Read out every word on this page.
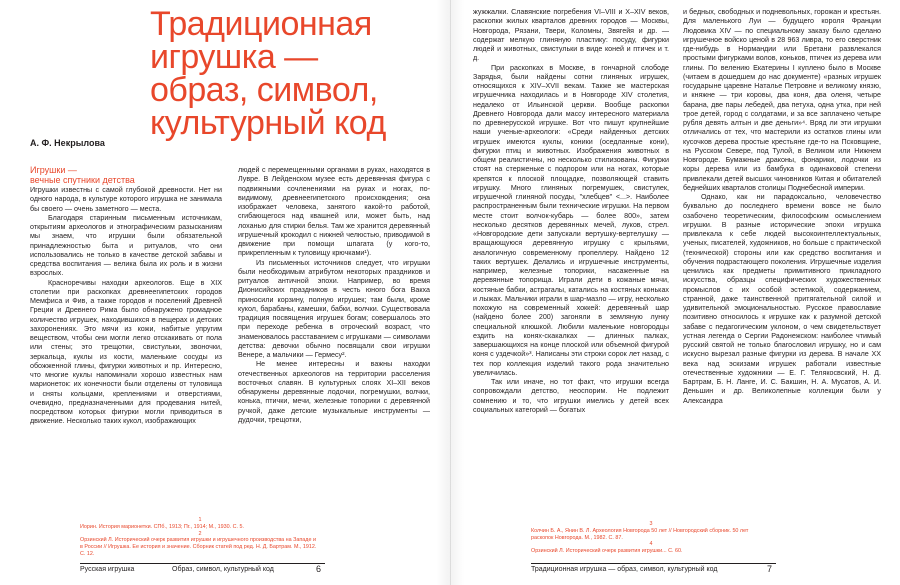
Традиционная
игрушка —
образ, символ,
культурный код
А. Ф. Некрылова
Игрушки —
вечные спутники детства

Игрушки известны с самой глубокой древности. Нет ни одного народа, в культуре которого игрушка не занимала бы своего — очень заметного — места.

Благодаря старинным письменным источникам, открытиям археологов и этнографическим разысканиям мы знаем, что игрушки были обязательной принадлежностью быта и ритуалов, что они использовались не только в качестве детской забавы и средства воспитания — велика была их роль и в жизни взрослых.

Красноречивы находки археологов. Еще в XIX столетии при раскопках древнеегипетских городов Мемфиса и Фив, а также городов и поселений Древней Греции и Древнего Рима было обнаружено громадное количество игрушек, находившихся в пещерах и детских захоронениях. Это мячи из кожи, набитые упругим веществом, чтобы они могли легко отскакивать от пола или стены; это трещотки, свистульки, звоночки, зеркальца, куклы из кости, маленькие сосуды из обожженной глины, фигурки животных и пр. Интересно, что многие куклы напоминали хорошо известных нам марионеток: их конечности были отделены от туловища и сняты кольцами, креплениями и отверстиями, очевидно, предназначенными для продевания нитей, посредством которых фигурки могли приводиться в движение. Несколько таких кукол, изображающих

людей с перемещенными органами в руках, находятся в Лувре. В Лейденском музее есть деревянная фигура с подвижными сочленениями на руках и ногах, по-видимому, древнеегипетского происхождения; она изображает человека, занятого какой-то работой, сгибающегося над квашней или, может быть, над лоханью для стирки белья. Там же хранится деревянный игрушечный крокодил с нижней челюстью, приводимой в движение при помощи шпагата (у кого-то, прикрепленным к туловищу крючками¹).

Из письменных источников следует, что игрушки были необходимым атрибутом некоторых праздников и ритуалов античной эпохи. Например, во время Дионисийских праздников в честь юного бога Вакха приносили корзину, полную игрушек; там были, кроме кукол, барабаны, камешки, бабки, волчки. Существовала традиция посвящения игрушек богам; совершалось это при переходе ребенка в отроческий возраст, что знаменовалось расставанием с игрушками — символами детства: девочки обычно посвящали свои игрушки Венере, а мальчики — Гермесу².

Не менее интересны и важны находки отечественных археологов на территории расселения восточных славян. В культурных слоях XI–XII веков обнаружены деревянные лодочки, погремушки, волчки, конька, птички, мечи, железные топорики с деревянной ручкой, даже детские музыкальные инструменты — дудочки, трещотки,

1
Иорин. История марионетки. СПб., 1913; Пг., 1914; М., 1930. С. 5.
2
Орзинский Л. Исторический очерк развития игрушки и игрушечного производства на Западе и в России // Игрушка. Ее история и значение. Сборник статей под ред. Н. Д. Бартрам. М., 1912. С. 12.
Русская игрушка	Образ, символ, культурный код	6

жужжалки. Славянские погребения VI–VIII и X–XIV веков, раскопки жилых кварталов древних городов — Москвы, Новгорода, Рязани, Твери, Коломны, Звягейя и др. — содержат мелкую глиняную пластику: посуду, фигурки людей и животных, свистульки в виде коней и птичек и т. д.

При раскопках в Москве, в гончарной слободе Зарядья, были найдены сотни глиняных игрушек, относящихся к XIV–XVII векам. Также же мастерская игрушечника находилась и в Новгороде XIV столетия, недалеко от Ильинской церкви. Вообще раскопки Древнего Новгорода дали массу интересного материала по древнерусской игрушке. Вот что пишут крупнейшие наши ученые-археологи: «Среди найденных детских игрушек имеются куклы, коники (оседланные кони), фигурки птиц и животных. Изображения животных в общем реалистичны, но несколько стилизованы. Фигурки стоят на стерженьке с подпором или на ногах, которые крепятся к плоской площадке, позволяющей ставить игрушку. Много глиняных погремушек, свистулек, игрушечной глиняной посуды, "хлебцев" <...>. Наиболее распространенным были технические игрушки. На первом месте стоит волчок-кубарь — более 800», затем несколько десятков деревянных мечей, луков, стрел. «Новгородские дети запускали вертушку-вертелушку — вращающуюся деревянную игрушку с крыльями, аналогичную современному пропеллеру. Найдено 12 таких вертушек. Делались и игрушечные инструменты, например, железные топорики, насаженные на деревянные топорища. Играли дети в кожаные мячи, костяные бабки, астрагалы, катались на костяных коньках и лыжах. Мальчики играли в шар-мазло — игру, несколько похожую на современный хоккей: деревянный шар (найдено более 200) загоняли в земляную лунку специальной клюшкой. Любили маленькие новгородцы ездить на конях-скакалках — длинных палках, завершающихся на конце плоской или объемной фигурой коня с уздечкой»³. Написаны эти строки сорок лет назад, с тех пор коллекция изделий такого рода значительно увеличилась.

Так или иначе, но тот факт, что игрушки всегда сопровождали детство, неоспорим. Не подлежит сомнению и то, что игрушки имелись у детей всех социальных категорий — богатых

и бедных, свободных и подневольных, горожан и крестьян. Для маленького Луи — будущего короля Франции Людовика XIV — по специальному заказу было сделано игрушечное войско ценой в 28 963 ливра, то его сверстник где-нибудь в Нормандии или Бретани развлекался простыми фигурками волов, коньков, птичек из дерева или глины. По велению Екатерины I куплено было в Москве (читаем в дошедшем до нас документе) «разных игрушек государыне царевне Наталье Петровне и великому князю, и княжне — три коровы, два коня, два оленя, четыре барана, две пары лебедей, два петуха, одна утка, при ней трое детей, город с солдатами, и за все заплачено четыре рубля девять алтын и две деньги»⁴. Вряд ли эти игрушки отличались от тех, что мастерили из остатков глины или кусочков дерева простые крестьяне где-то на Псковщине, на Русском Севере, под Тулой, в Великом или Нижнем Новгороде. Бумажные драконы, фонарики, лодочки из коры дерева или из бамбука в одинаковой степени привлекали детей высших чиновников Китая и обитателей беднейших кварталов столицы Поднебесной империи.

Однако, как ни парадоксально, человечество буквально до последнего времени вовсе не было озабочено теоретическим, философским осмыслением игрушки. В разные исторические эпохи игрушка привлекала к себе людей высокоинтеллектуальных, ученых, писателей, художников, но больше с практической (технической) стороны или как средство воспитания и обучения подрастающего поколения. Игрушечные изделия ценились как предметы примитивного прикладного искусства, образцы специфических художественных промыслов с их особой эстетикой, содержанием, странной, даже таинственной притягательной силой и удивительной эмоциональностью. Русское православие позитивно относилось к игрушке как к разумной детской забаве с педагогическим уклоном, о чем свидетельствует устная легенда о Сергии Радонежском: наиболее чтимый русский святой не только благословил игрушку, но и сам искусно вырезал разные фигурки из дерева. В начале XX века над эскизами игрушек работали известные отечественные художники — Е. Г. Телякосвский, Н. Д. Бартрам, Б. Н. Ланге, И. С. Бакшин, Н. А. Мусатов, А. И. Деньшин и др. Великолепные коллекции были у Александра

3
Колчин Б. А., Янин В. Л. Археология Новгорода 50 лет // Новгородский сборник. 50 лет раскопок Новгорода. М., 1982. С. 87.
4
Орзинский Л. Исторический очерк развития игрушки... С. 60.
Традиционная игрушка — образ, символ, культурный код	7
